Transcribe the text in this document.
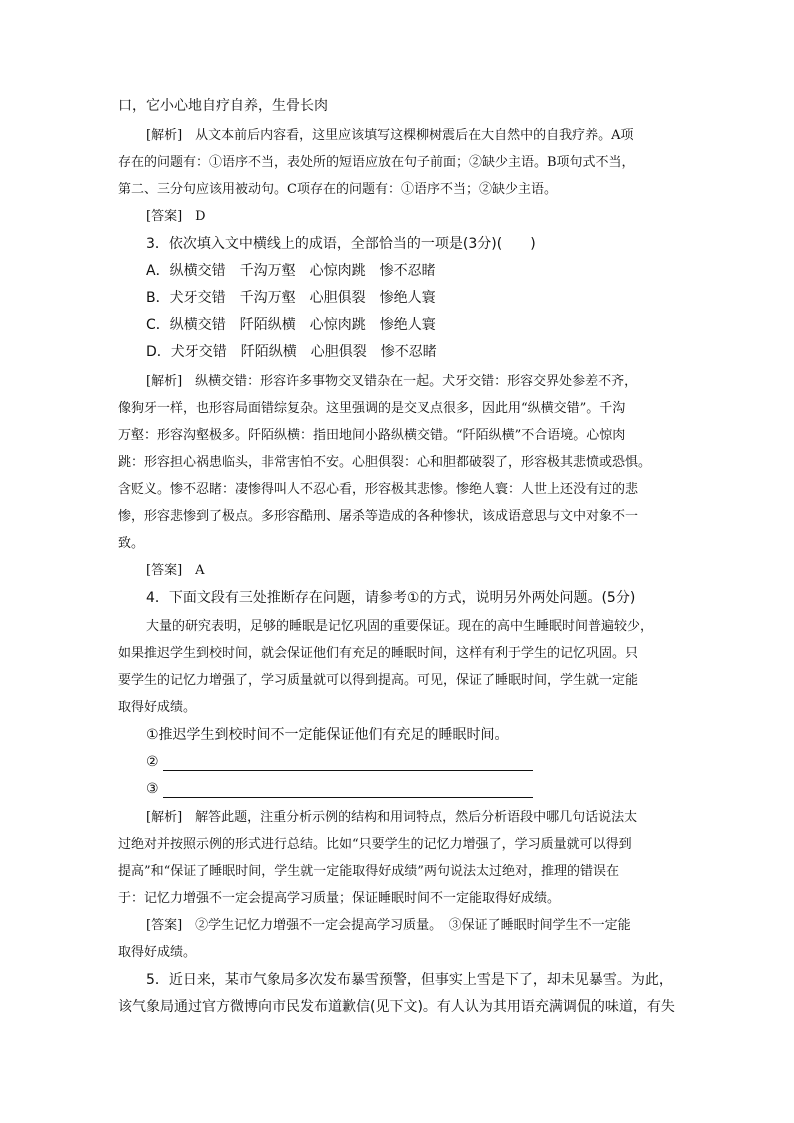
口，它小心地自疗自养，生骨长肉

[解析]　 从文本前后内容看，这里应该填写这棵柳树震后在大自然中的自我疗养。A项

存在的问题有：①语序不当，表处所的短语应放在句子前面；②缺少主语。B项句式不当，

第二、三分句应该用被动句。C项存在的问题有：①语序不当；②缺少主语。

[答案]　 D

3．依次填入文中横线上的成语，全部恰当的一项是(3分)(　　)

A．纵横交错　千沟万壑　心惊肉跳　惨不忍睹

B．犬牙交错　千沟万壑　心胆俱裂　惨绝人寰

C．纵横交错　阡陌纵横　心惊肉跳　惨绝人寰

D．犬牙交错　阡陌纵横　心胆俱裂　惨不忍睹

[解析]　 纵横交错：形容许多事物交叉错杂在一起。犬牙交错：形容交界处参差不齐，

像狗牙一样，也形容局面错综复杂。这里强调的是交叉点很多，因此用“纵横交错”。千沟

万壑：形容沟壑极多。阡陌纵横：指田地间小路纵横交错。“阡陌纵横”不合语境。心惊肉

跳：形容担心祸患临头，非常害怕不安。心胆俱裂：心和胆都破裂了，形容极其悲愤或恐惧。

含贬义。惨不忍睹：凄惨得叫人不忍心看，形容极其悲惨。惨绝人寰：人世上还没有过的悲

惨，形容悲惨到了极点。多形容酷刑、屠杀等造成的各种惨状，该成语意思与文中对象不一

致。

[答案]　 A

4．下面文段有三处推断存在问题，请参考①的方式，说明另外两处问题。(5分)

大量的研究表明，足够的睡眠是记忆巩固的重要保证。现在的高中生睡眠时间普遍较少，

如果推迟学生到校时间，就会保证他们有充足的睡眠时间，这样有利于学生的记忆巩固。只

要学生的记忆力增强了，学习质量就可以得到提高。可见，保证了睡眠时间，学生就一定能

取得好成绩。

①推迟学生到校时间不一定能保证他们有充足的睡眠时间。

②

③

[解析]　 解答此题，注重分析示例的结构和用词特点，然后分析语段中哪几句话说法太

过绝对并按照示例的形式进行总结。比如“只要学生的记忆力增强了，学习质量就可以得到

提高”和“保证了睡眠时间，学生就一定能取得好成绩”两句说法太过绝对，推理的错误在

于：记忆力增强不一定会提高学习质量；保证睡眠时间不一定能取得好成绩。

[答案]　 ②学生记忆力增强不一定会提高学习质量。　③保证了睡眠时间学生不一定能

取得好成绩。

5．近日来，某市气象局多次发布暴雪预警，但事实上雪是下了，却未见暴雪。为此，

该气象局通过官方微博向市民发布道歉信(见下文)。有人认为其用语充满调侃的味道，有失
